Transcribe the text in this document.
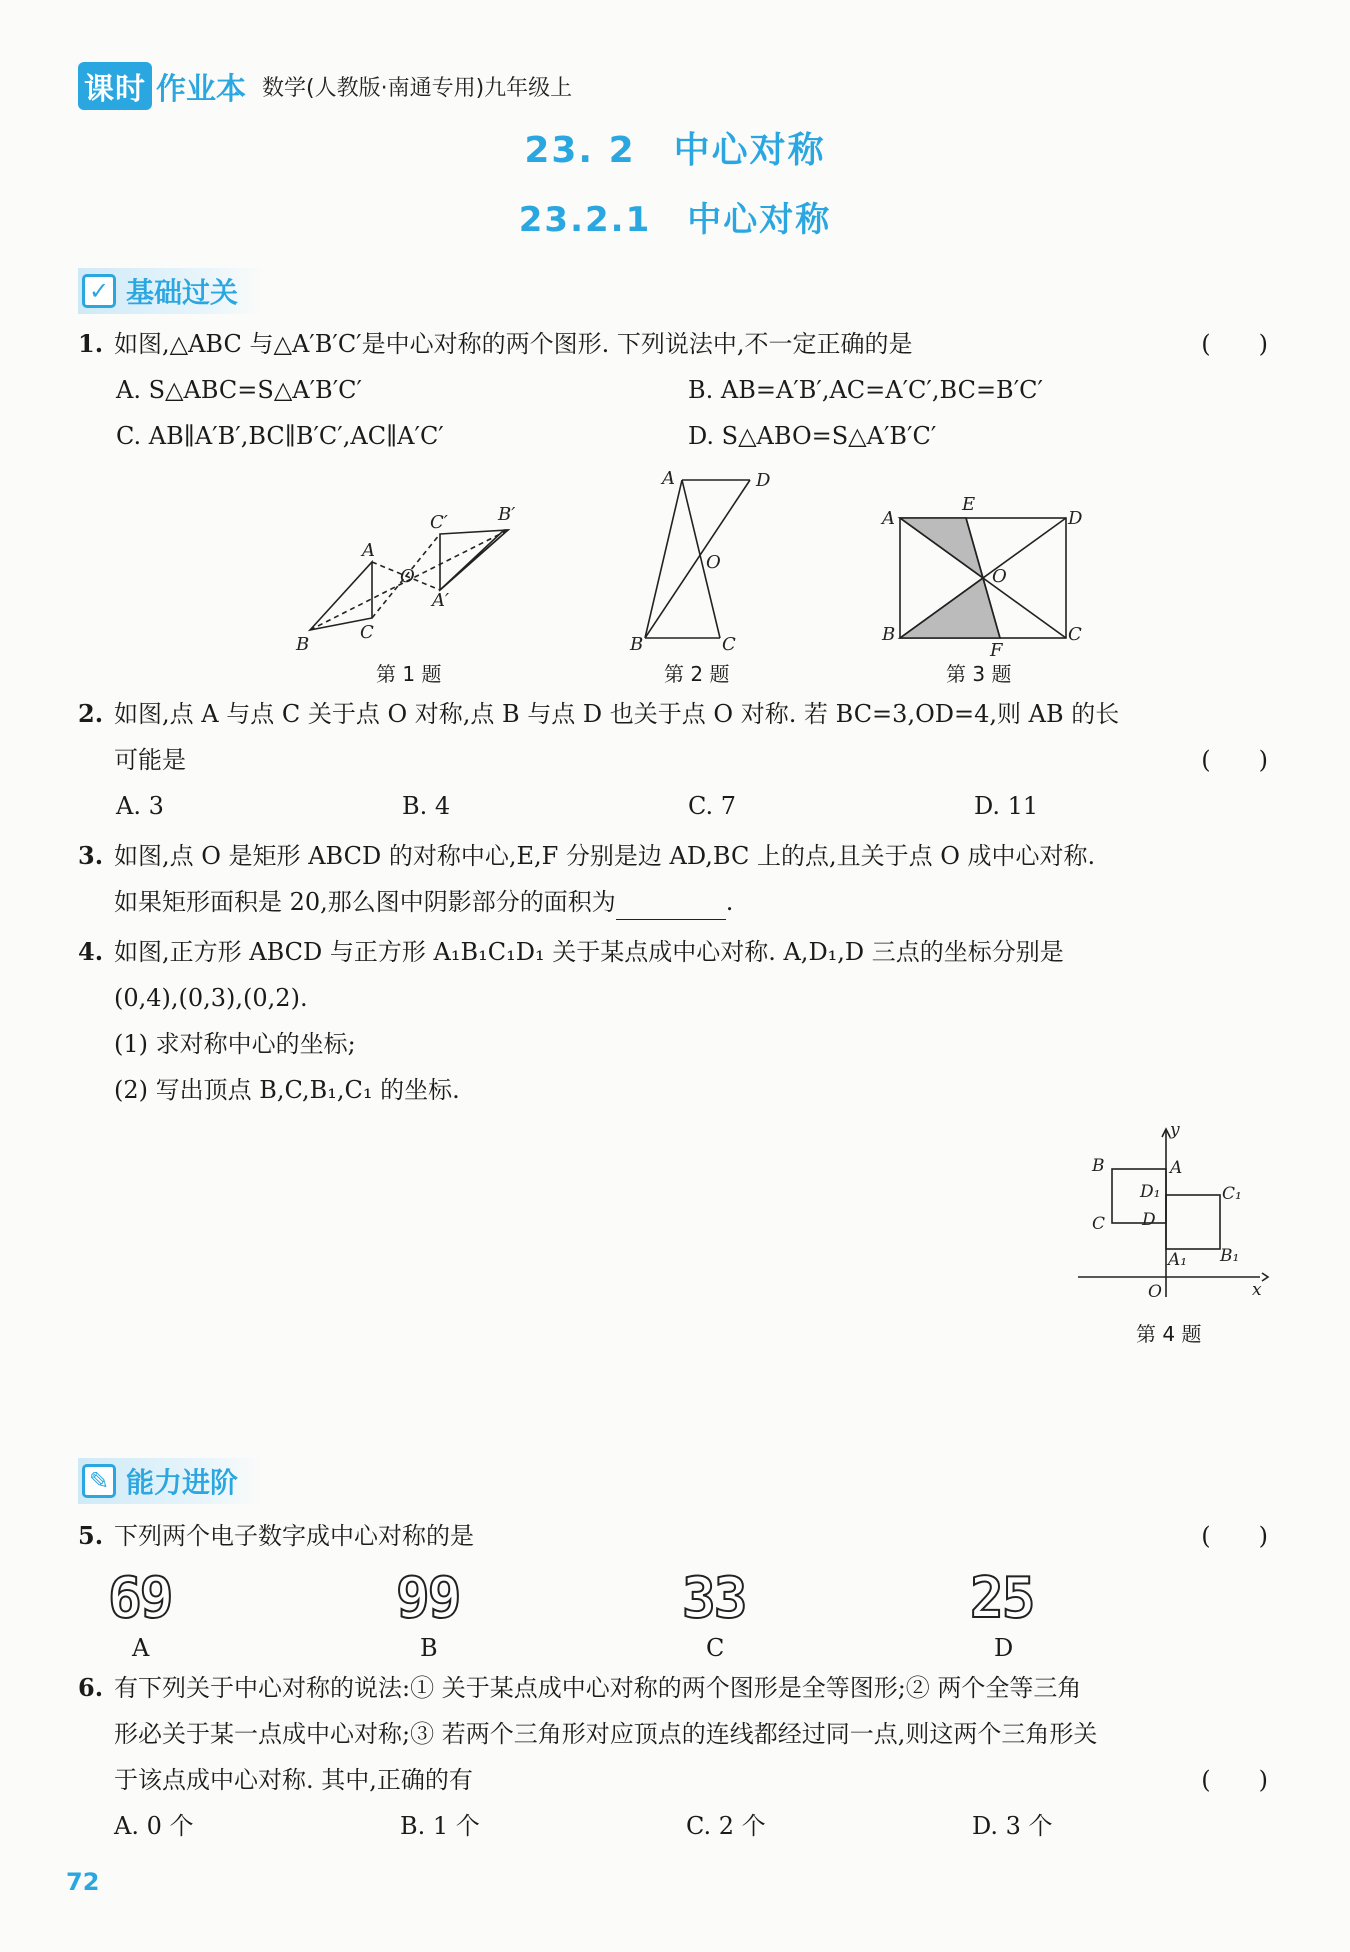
课时 作业本 数学(人教版·南通专用)九年级上
23. 2　中心对称
23.2.1　中心对称
✓ 基础过关
1. 如图,△ABC 与△A′B′C′是中心对称的两个图形. 下列说法中,不一定正确的是	(　　)
A. S△ABC=S△A′B′C′	B. AB=A′B′,AC=A′C′,BC=B′C′
C. AB∥A′B′,BC∥B′C′,AC∥A′C′	D. S△ABO=S△A′B′C′
A
B
C
O
A′
C′	B′
A	D
B	C
O
A
E
D
B
F
C
O
第 1 题	第 2 题	第 3 题
2. 如图,点 A 与点 C 关于点 O 对称,点 B 与点 D 也关于点 O 对称. 若 BC=3,OD=4,则 AB 的长
可能是	(　　)
A. 3	B. 4	C. 7	D. 11
3. 如图,点 O 是矩形 ABCD 的对称中心,E,F 分别是边 AD,BC 上的点,且关于点 O 成中心对称.
如果矩形面积是 20,那么图中阴影部分的面积为	.
4. 如图,正方形 ABCD 与正方形 A₁B₁C₁D₁ 关于某点成中心对称. A,D₁,D 三点的坐标分别是
(0,4),(0,3),(0,2).
(1) 求对称中心的坐标;
(2) 写出顶点 B,C,B₁,C₁ 的坐标.
y
x
B	A
C D
D₁	C₁
A₁ B₁
O
第 4 题
✎ 能力进阶
5. 下列两个电子数字成中心对称的是	(　　)
69	99	33	25
A	B	C	D
6. 有下列关于中心对称的说法:① 关于某点成中心对称的两个图形是全等图形;② 两个全等三角
形必关于某一点成中心对称;③ 若两个三角形对应顶点的连线都经过同一点,则这两个三角形关
于该点成中心对称. 其中,正确的有	(　　)
A. 0 个	B. 1 个	C. 2 个	D. 3 个
72
